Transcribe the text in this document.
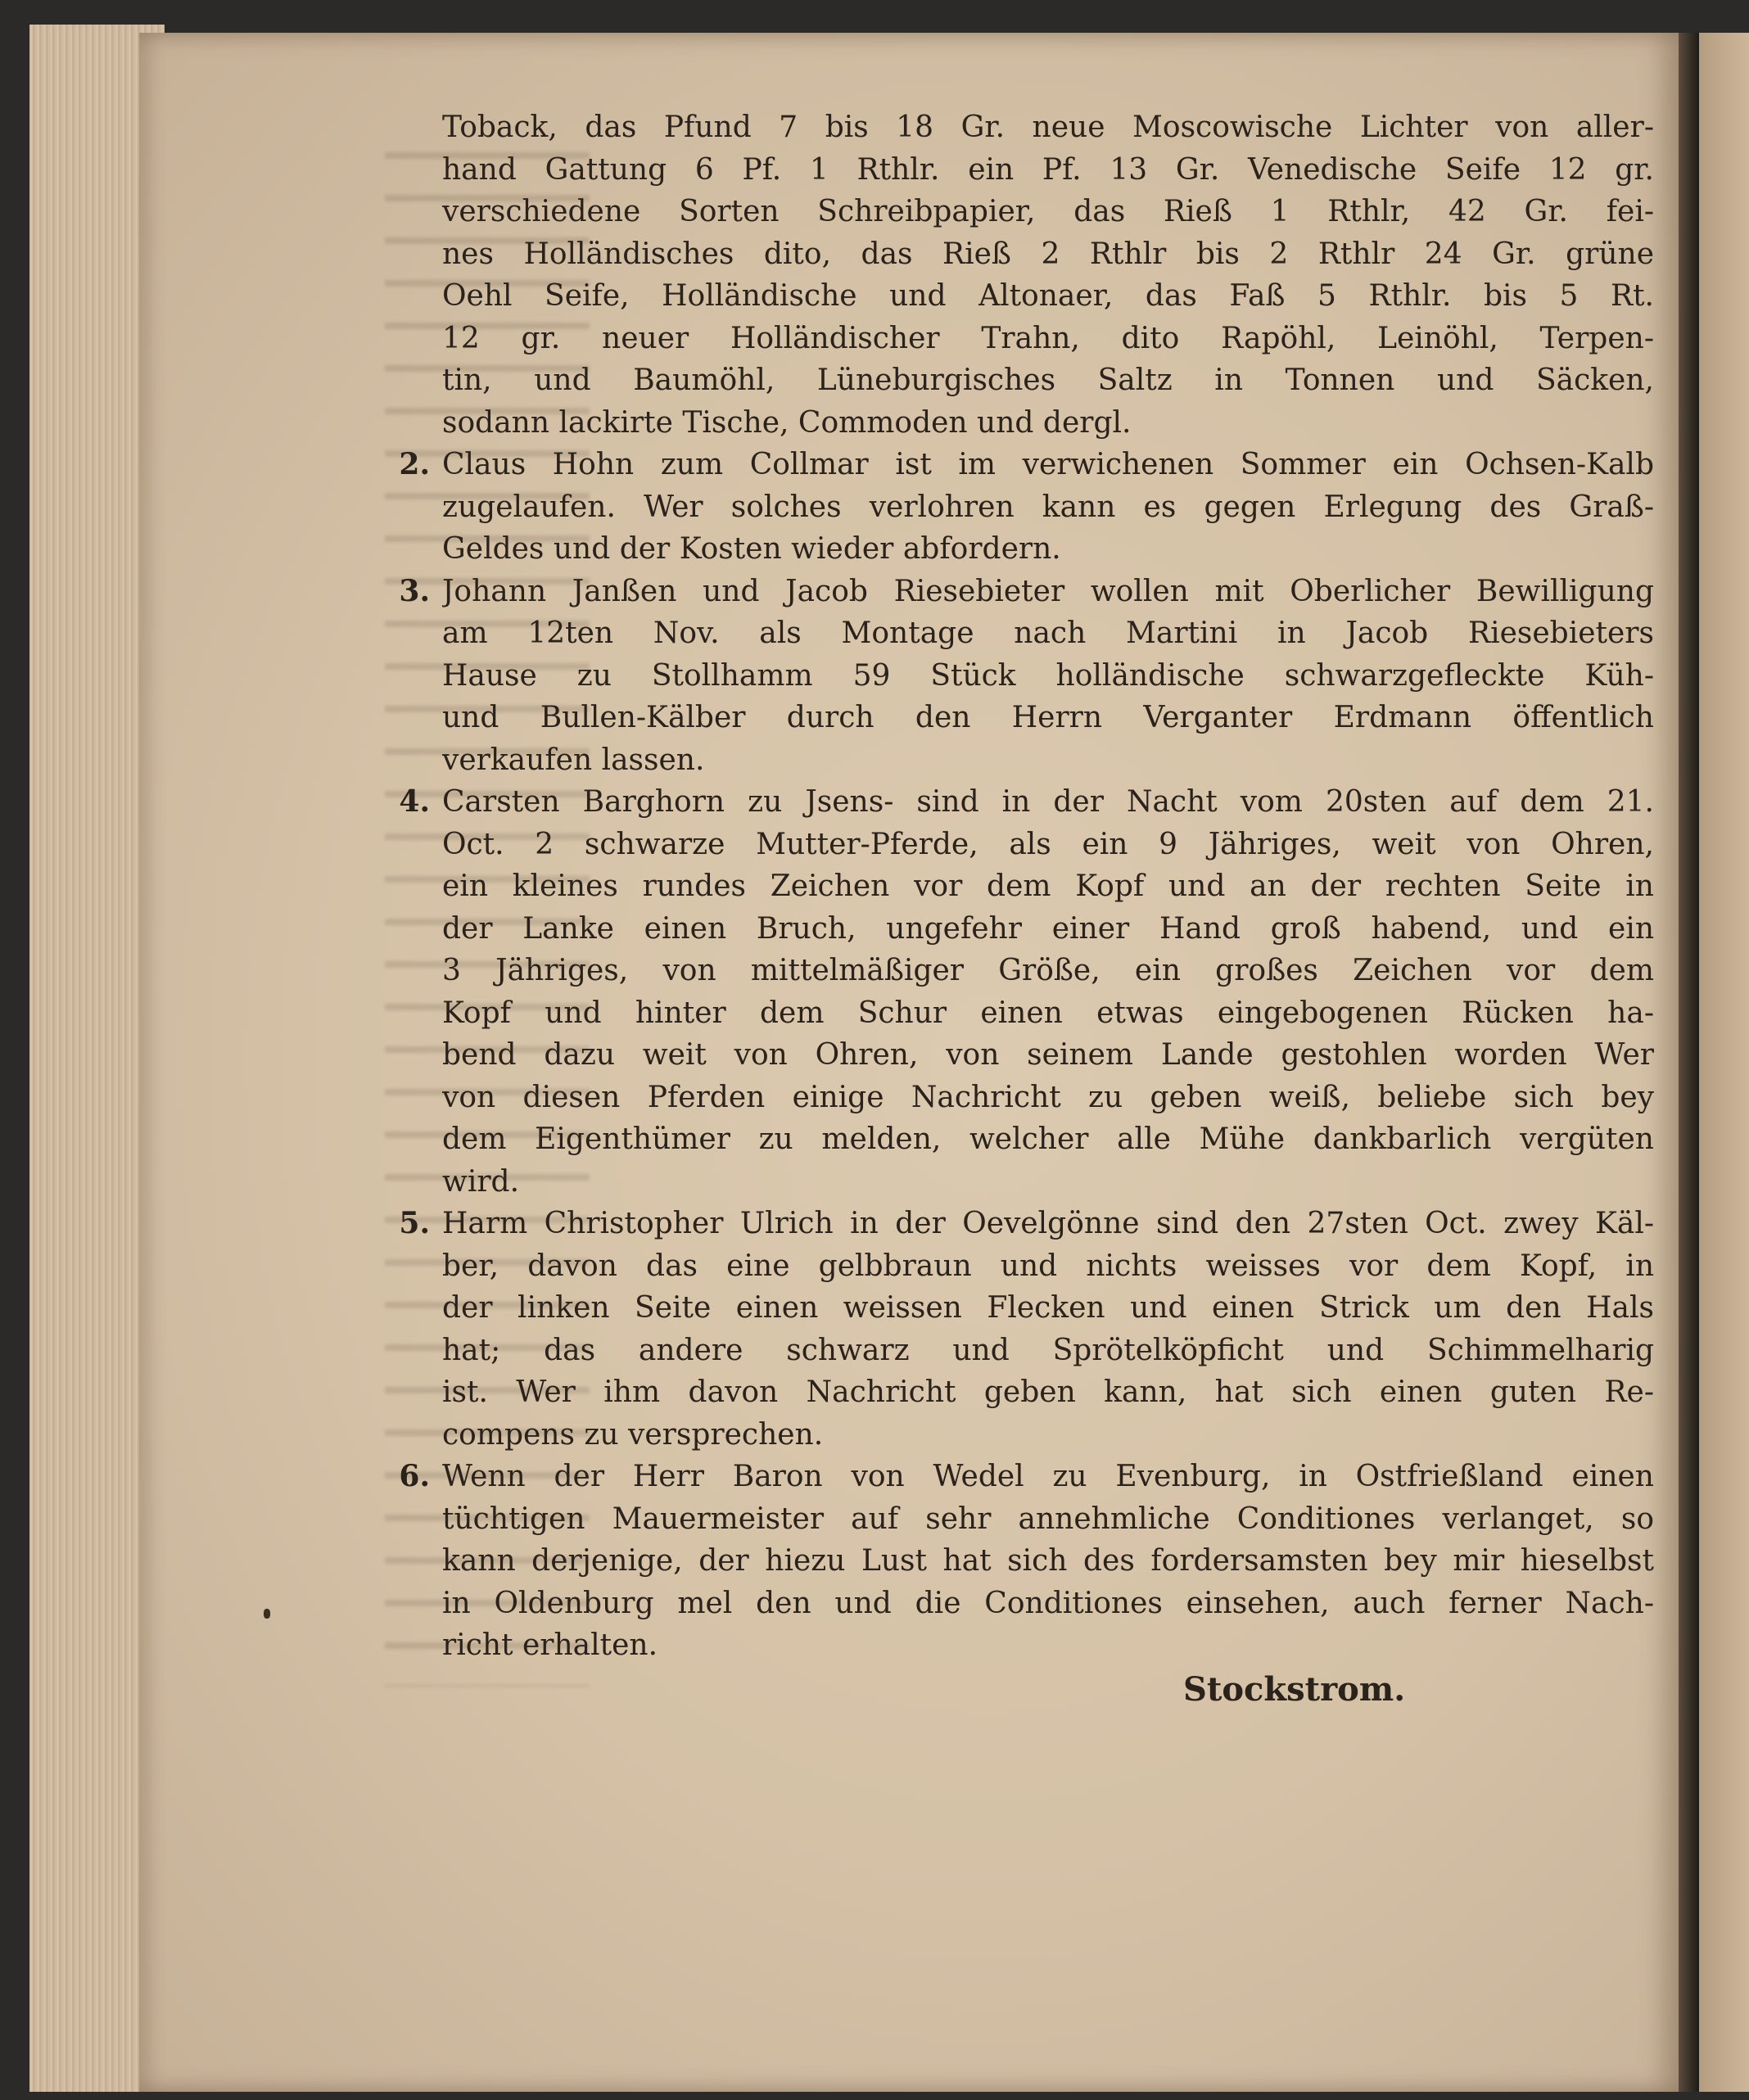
Toback, das Pfund 7 bis 18 Gr. neue Moscowische Lichter von aller-
hand Gattung 6 Pf. 1 Rthlr. ein Pf. 13 Gr. Venedische Seife 12 gr.
verschiedene Sorten Schreibpapier, das Rieß 1 Rthlr, 42 Gr. fei-
nes Holländisches dito, das Rieß 2 Rthlr bis 2 Rthlr 24 Gr. grüne
Oehl Seife, Holländische und Altonaer, das Faß 5 Rthlr. bis 5 Rt.
12 gr. neuer Holländischer Trahn, dito Rapöhl, Leinöhl, Terpen-
tin, und Baumöhl, Lüneburgisches Saltz in Tonnen und Säcken,
sodann lackirte Tische, Commoden und dergl.
2. Claus Hohn zum Collmar ist im verwichenen Sommer ein Ochsen-Kalb
zugelaufen. Wer solches verlohren kann es gegen Erlegung des Graß-
Geldes und der Kosten wieder abfordern.
3. Johann Janßen und Jacob Riesebieter wollen mit Oberlicher Bewilligung
am 12ten Nov. als Montage nach Martini in Jacob Riesebieters
Hause zu Stollhamm 59 Stück holländische schwarzgefleckte Küh-
und Bullen-Kälber durch den Herrn Verganter Erdmann öffentlich
verkaufen lassen.
4. Carsten Barghorn zu Jsens- sind in der Nacht vom 20sten auf dem 21.
Oct. 2 schwarze Mutter-Pferde, als ein 9 Jähriges, weit von Ohren,
ein kleines rundes Zeichen vor dem Kopf und an der rechten Seite in
der Lanke einen Bruch, ungefehr einer Hand groß habend, und ein
3 Jähriges, von mittelmäßiger Größe, ein großes Zeichen vor dem
Kopf und hinter dem Schur einen etwas eingebogenen Rücken ha-
bend dazu weit von Ohren, von seinem Lande gestohlen worden Wer
von diesen Pferden einige Nachricht zu geben weiß, beliebe sich bey
dem Eigenthümer zu melden, welcher alle Mühe dankbarlich vergüten
wird.
5. Harm Christopher Ulrich in der Oevelgönne sind den 27sten Oct. zwey Käl-
ber, davon das eine gelbbraun und nichts weisses vor dem Kopf, in
der linken Seite einen weissen Flecken und einen Strick um den Hals
hat; das andere schwarz und Sprötelköpficht und Schimmelharig
ist. Wer ihm davon Nachricht geben kann, hat sich einen guten Re-
compens zu versprechen.
6. Wenn der Herr Baron von Wedel zu Evenburg, in Ostfrießland einen
tüchtigen Mauermeister auf sehr annehmliche Conditiones verlanget, so
kann derjenige, der hiezu Lust hat sich des fordersamsten bey mir hieselbst
in Oldenburg mel den und die Conditiones einsehen, auch ferner Nach-
richt erhalten.
Stockstrom.
